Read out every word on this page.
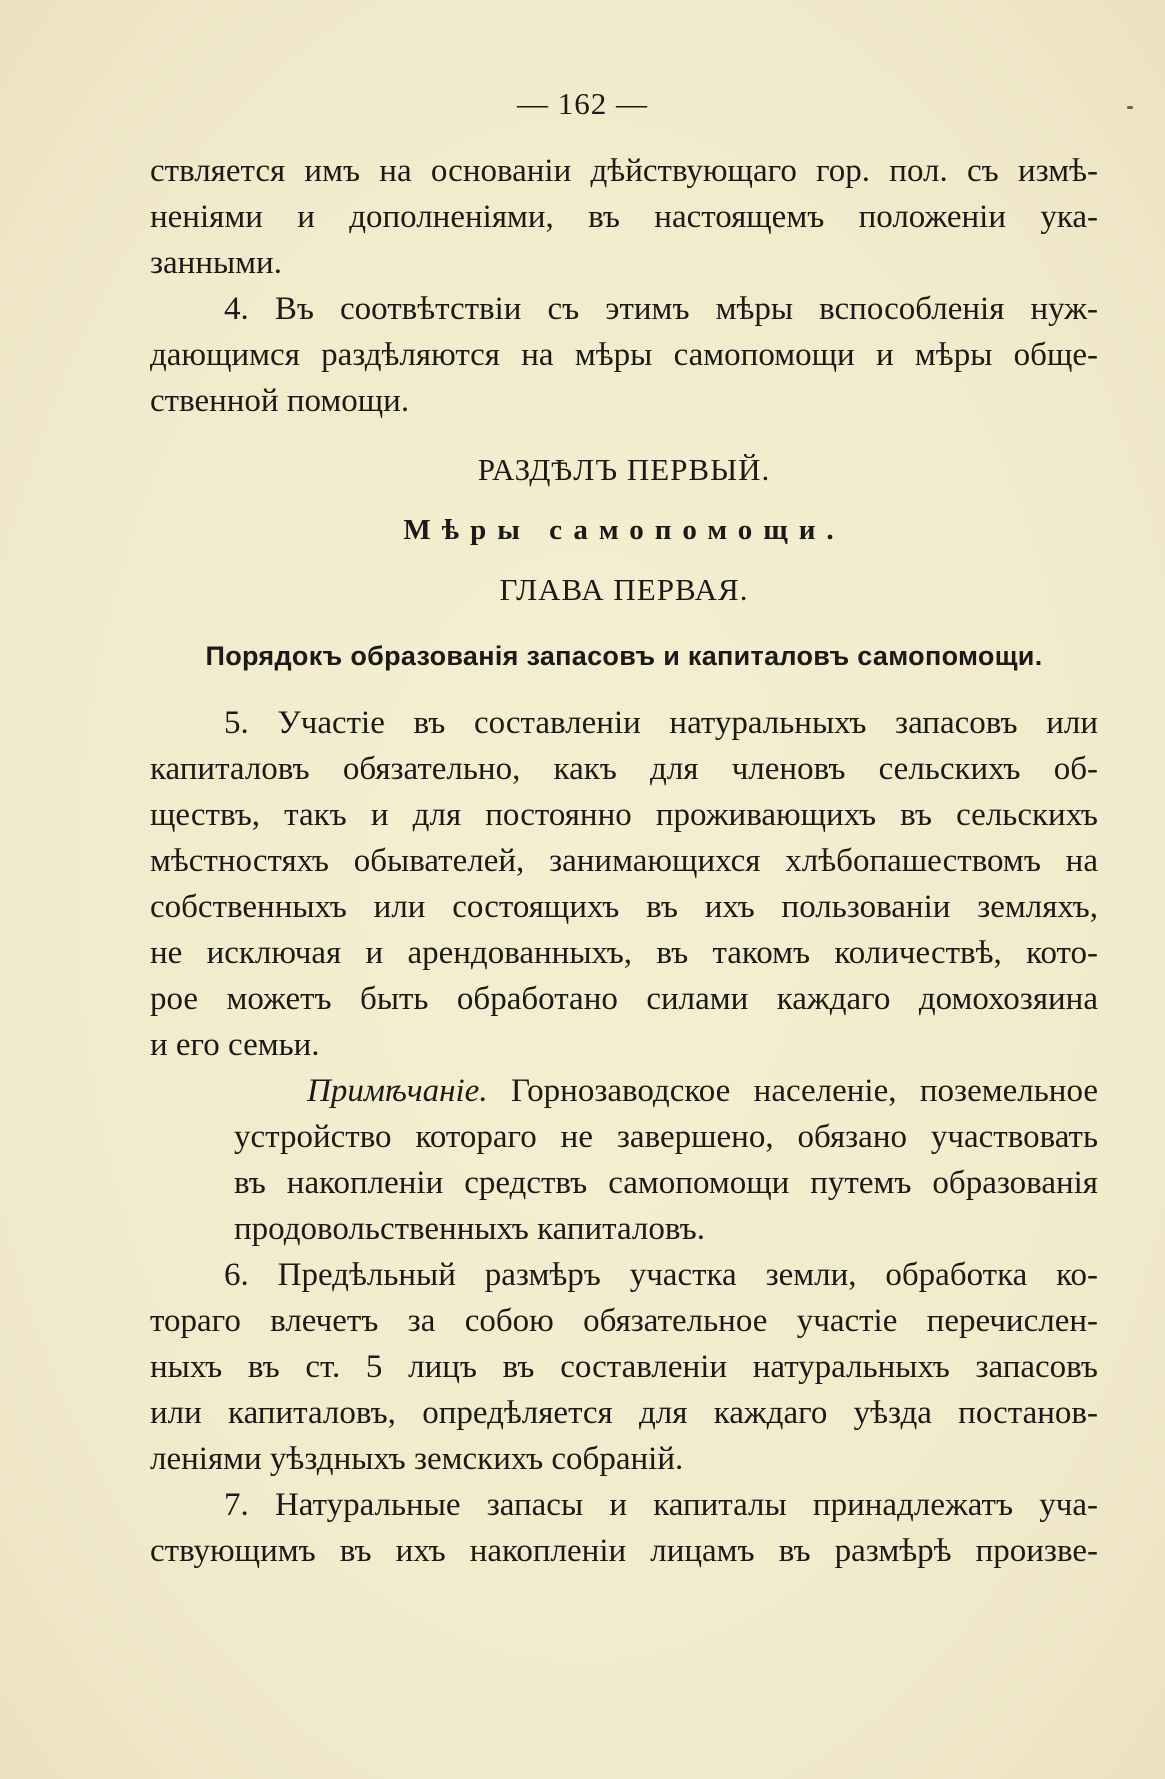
— 162 —
ствляется имъ на основанiи дѣйствующаго гор. пол. съ измѣ-
ненiями и дополненiями, въ настоящемъ положенiи ука-
занными.
4. Въ соотвѣтствiи съ этимъ мѣры вспособленiя нуж-
дающимся раздѣляются на мѣры самопомощи и мѣры обще-
ственной помощи.
РАЗДѢЛЪ ПЕРВЫЙ.
Мѣры самопомощи.
ГЛАВА ПЕРВАЯ.
Порядокъ образованiя запасовъ и капиталовъ самопомощи.
5. Участiе въ составленiи натуральныхъ запасовъ или
капиталовъ обязательно, какъ для членовъ сельскихъ об-
ществъ, такъ и для постоянно проживающихъ въ сельскихъ
мѣстностяхъ обывателей, занимающихся хлѣбопашествомъ на
собственныхъ или состоящихъ въ ихъ пользованiи земляхъ,
не исключая и арендованныхъ, въ такомъ количествѣ, кото-
рое можетъ быть обработано силами каждаго домохозяина
и его семьи.
Примѣчанiе. Горнозаводское населенiе, поземельное
устройство котораго не завершено, обязано участвовать
въ накопленiи средствъ самопомощи путемъ образованiя
продовольственныхъ капиталовъ.
6. Предѣльный размѣръ участка земли, обработка ко-
тораго влечетъ за собою обязательное участiе перечислен-
ныхъ въ ст. 5 лицъ въ составленiи натуральныхъ запасовъ
или капиталовъ, опредѣляется для каждаго уѣзда постанов-
ленiями уѣздныхъ земскихъ собранiй.
7. Натуральные запасы и капиталы принадлежатъ уча-
ствующимъ въ ихъ накопленiи лицамъ въ размѣрѣ произве-
